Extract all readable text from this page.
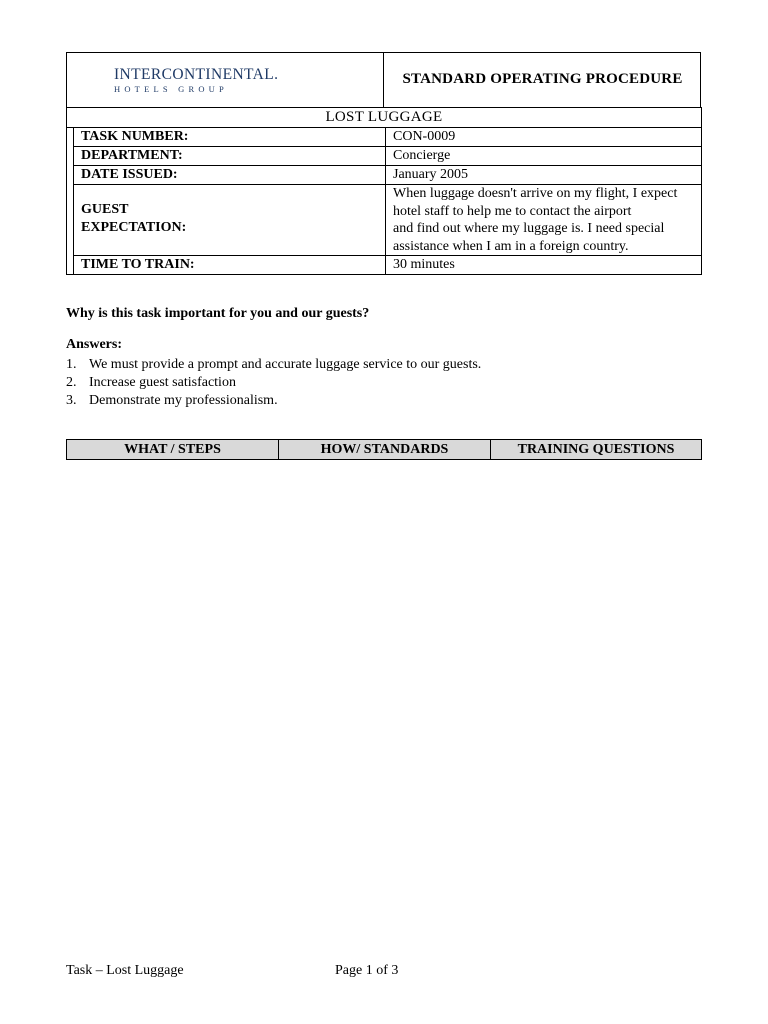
INTERCONTINENTAL.
HOTELS GROUP
STANDARD OPERATING PROCEDURE
LOST LUGGAGE
TASK NUMBER:	CON-0009
DEPARTMENT:	Concierge
DATE ISSUED:	January 2005
GUEST
EXPECTATION:
When luggage doesn't arrive on my flight, I expect
hotel staff to help me to contact the airport
and find out where my luggage is. I need special
assistance when I am in a foreign country.
TIME TO TRAIN:	30 minutes
Why is this task important for you and our guests?
Answers:
1. We must provide a prompt and accurate luggage service to our guests.
2. Increase guest satisfaction
3. Demonstrate my professionalism.
WHAT / STEPS	HOW/ STANDARDS	TRAINING QUESTIONS
Task – Lost Luggage	Page 1 of 3
